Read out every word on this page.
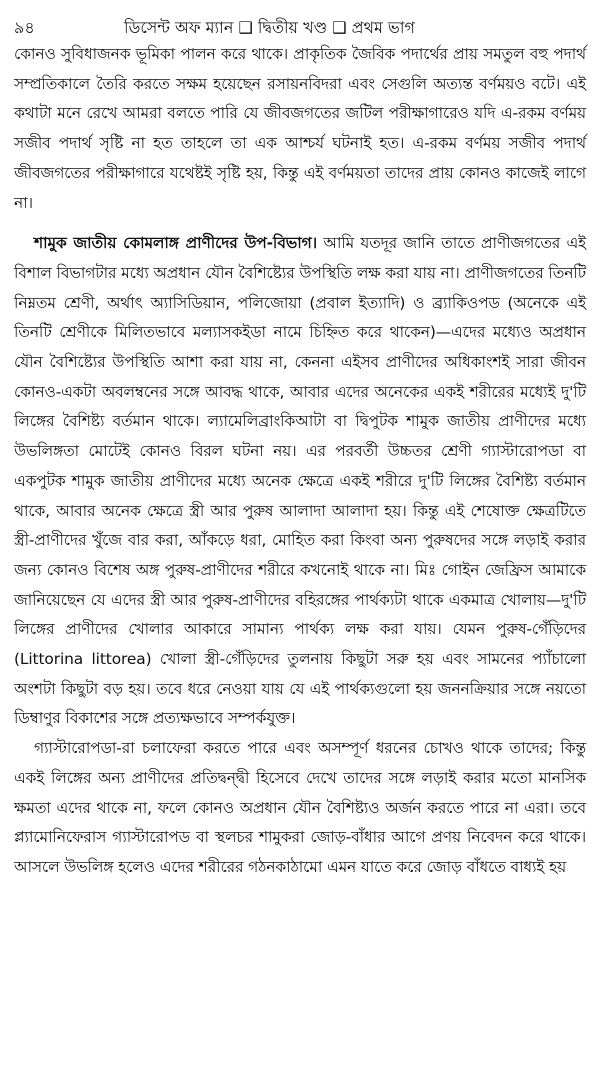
৯৪	ডিসেন্ট অফ ম্যান ❑ দ্বিতীয় খণ্ড ❑ প্রথম ভাগ

কোনও সুবিধাজনক ভূমিকা পালন করে থাকে। প্রাকৃতিক জৈবিক পদার্থের প্রায় সমতুল বহু পদার্থ সম্প্রতিকালে তৈরি করতে সক্ষম হয়েছেন রসায়নবিদরা এবং সেগুলি অত্যন্ত বর্ণময়ও বটে। এই কথাটা মনে রেখে আমরা বলতে পারি যে জীবজগতের জটিল পরীক্ষাগারেও যদি এ-রকম বর্ণময় সজীব পদার্থ সৃষ্টি না হত তাহলে তা এক আশ্চর্য ঘটনাই হত। এ-রকম বর্ণময় সজীব পদার্থ জীবজগতের পরীক্ষাগারে যথেষ্টই সৃষ্টি হয়, কিন্তু এই বর্ণময়তা তাদের প্রায় কোনও কাজেই লাগে না।

শামুক জাতীয় কোমলাঙ্গ প্রাণীদের উপ-বিভাগ। আমি যতদূর জানি তাতে প্রাণীজগতের এই বিশাল বিভাগটার মধ্যে অপ্রধান যৌন বৈশিষ্ট্যের উপস্থিতি লক্ষ করা যায় না। প্রাণীজগতের তিনটি নিম্নতম শ্রেণী, অর্থাৎ অ্যাসিডিয়ান, পলিজোয়া (প্রবাল ইত্যাদি) ও ব্র্যাকিওপড (অনেকে এই তিনটি শ্রেণীকে মিলিতভাবে মল্যাসকইডা নামে চিহ্নিত করে থাকেন)—এদের মধ্যেও অপ্রধান যৌন বৈশিষ্ট্যের উপস্থিতি আশা করা যায় না, কেননা এইসব প্রাণীদের অধিকাংশই সারা জীবন কোনও-একটা অবলম্বনের সঙ্গে আবদ্ধ থাকে, আবার এদের অনেকের একই শরীরের মধ্যেই দু'টি লিঙ্গের বৈশিষ্ট্য বর্তমান থাকে। ল্যামেলিব্রাংকিআটা বা দ্বিপুটক শামুক জাতীয় প্রাণীদের মধ্যে উভলিঙ্গতা মোটেই কোনও বিরল ঘটনা নয়। এর পরবর্তী উচ্চতর শ্রেণী গ্যাস্টারোপডা বা একপুটক শামুক জাতীয় প্রাণীদের মধ্যে অনেক ক্ষেত্রে একই শরীরে দু'টি লিঙ্গের বৈশিষ্ট্য বর্তমান থাকে, আবার অনেক ক্ষেত্রে স্ত্রী আর পুরুষ আলাদা আলাদা হয়। কিন্তু এই শেষোক্ত ক্ষেত্রটিতে স্ত্রী-প্রাণীদের খুঁজে বার করা, আঁকড়ে ধরা, মোহিত করা কিংবা অন্য পুরুষদের সঙ্গে লড়াই করার জন্য কোনও বিশেষ অঙ্গ পুরুষ-প্রাণীদের শরীরে কখনোই থাকে না। মিঃ গোইন জেফ্রিস আমাকে জানিয়েছেন যে এদের স্ত্রী আর পুরুষ-প্রাণীদের বহিরঙ্গের পার্থক্যটা থাকে একমাত্র খোলায়—দু'টি লিঙ্গের প্রাণীদের খোলার আকারে সামান্য পার্থক্য লক্ষ করা যায়। যেমন পুরুষ-গেঁড়িদের (Littorina littorea) খোলা স্ত্রী-গেঁড়িদের তুলনায় কিছুটা সরু হয় এবং সামনের প্যাঁচালো অংশটা কিছুটা বড় হয়। তবে ধরে নেওয়া যায় যে এই পার্থক্যগুলো হয় জননক্রিয়ার সঙ্গে নয়তো ডিম্বাণুর বিকাশের সঙ্গে প্রত্যক্ষভাবে সম্পর্কযুক্ত।

গ্যাস্টারোপডা-রা চলাফেরা করতে পারে এবং অসম্পূর্ণ ধরনের চোখও থাকে তাদের; কিন্তু একই লিঙ্গের অন্য প্রাণীদের প্রতিদ্বন্দ্বী হিসেবে দেখে তাদের সঙ্গে লড়াই করার মতো মানসিক ক্ষমতা এদের থাকে না, ফলে কোনও অপ্রধান যৌন বৈশিষ্ট্যও অর্জন করতে পারে না এরা। তবে প্ল্যামোনিফেরাস গ্যাস্টারোপড বা স্থলচর শামুকরা জোড়-বাঁধার আগে প্রণয় নিবেদন করে থাকে। আসলে উভলিঙ্গ হলেও এদের শরীরের গঠনকাঠামো এমন যাতে করে জোড় বাঁধতে বাধ্যই হয়
